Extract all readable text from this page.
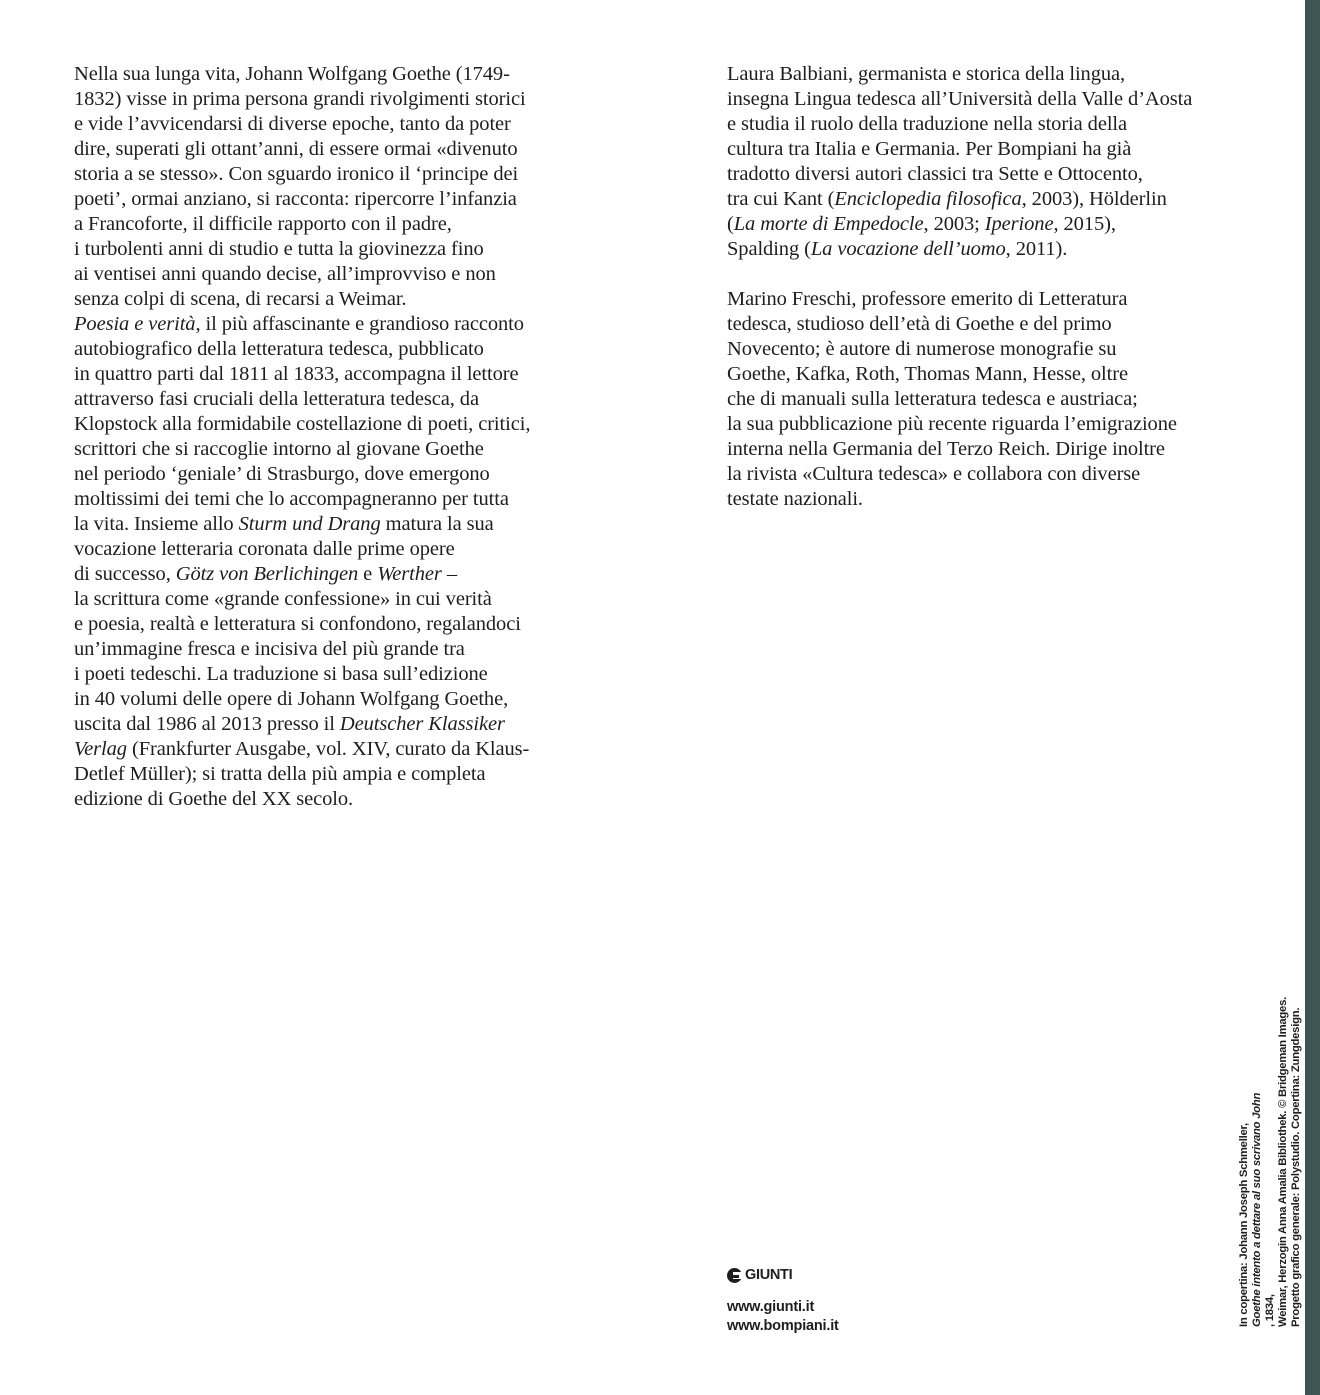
Nella sua lunga vita, Johann Wolfgang Goethe (1749-
1832) visse in prima persona grandi rivolgimenti storici
e vide l’avvicendarsi di diverse epoche, tanto da poter
dire, superati gli ottant’anni, di essere ormai «divenuto
storia a se stesso». Con sguardo ironico il ‘principe dei
poeti’, ormai anziano, si racconta: ripercorre l’infanzia
a Francoforte, il difficile rapporto con il padre,
i turbolenti anni di studio e tutta la giovinezza fino
ai ventisei anni quando decise, all’improvviso e non
senza colpi di scena, di recarsi a Weimar.
Poesia e verità, il più affascinante e grandioso racconto
autobiografico della letteratura tedesca, pubblicato
in quattro parti dal 1811 al 1833, accompagna il lettore
attraverso fasi cruciali della letteratura tedesca, da
Klopstock alla formidabile costellazione di poeti, critici,
scrittori che si raccoglie intorno al giovane Goethe
nel periodo ‘geniale’ di Strasburgo, dove emergono
moltissimi dei temi che lo accompagneranno per tutta
la vita. Insieme allo Sturm und Drang matura la sua
vocazione letteraria coronata dalle prime opere
di successo, Götz von Berlichingen e Werther –
la scrittura come «grande confessione» in cui verità
e poesia, realtà e letteratura si confondono, regalandoci
un’immagine fresca e incisiva del più grande tra
i poeti tedeschi. La traduzione si basa sull’edizione
in 40 volumi delle opere di Johann Wolfgang Goethe,
uscita dal 1986 al 2013 presso il Deutscher Klassiker
Verlag (Frankfurter Ausgabe, vol. XIV, curato da Klaus-
Detlef Müller); si tratta della più ampia e completa
edizione di Goethe del XX secolo.
Laura Balbiani, germanista e storica della lingua,
insegna Lingua tedesca all’Università della Valle d’Aosta
e studia il ruolo della traduzione nella storia della
cultura tra Italia e Germania. Per Bompiani ha già
tradotto diversi autori classici tra Sette e Ottocento,
tra cui Kant (Enciclopedia filosofica, 2003), Hölderlin
(La morte di Empedocle, 2003; Iperione, 2015),
Spalding (La vocazione dell’uomo, 2011).
Marino Freschi, professore emerito di Letteratura
tedesca, studioso dell’età di Goethe e del primo
Novecento; è autore di numerose monografie su
Goethe, Kafka, Roth, Thomas Mann, Hesse, oltre
che di manuali sulla letteratura tedesca e austriaca;
la sua pubblicazione più recente riguarda l’emigrazione
interna nella Germania del Terzo Reich. Dirige inoltre
la rivista «Cultura tedesca» e collabora con diverse
testate nazionali.
GIUNTI
www.giunti.it
www.bompiani.it	In copertina: Johann Joseph Schmeller, Goethe intento a dettare al suo scrivano John , 1834, Weimar, Herzogin Anna Amalia Bibliothek. © Bridgeman Images. Progetto grafico generale: Polystudio. Copertina: Zungdesign.
